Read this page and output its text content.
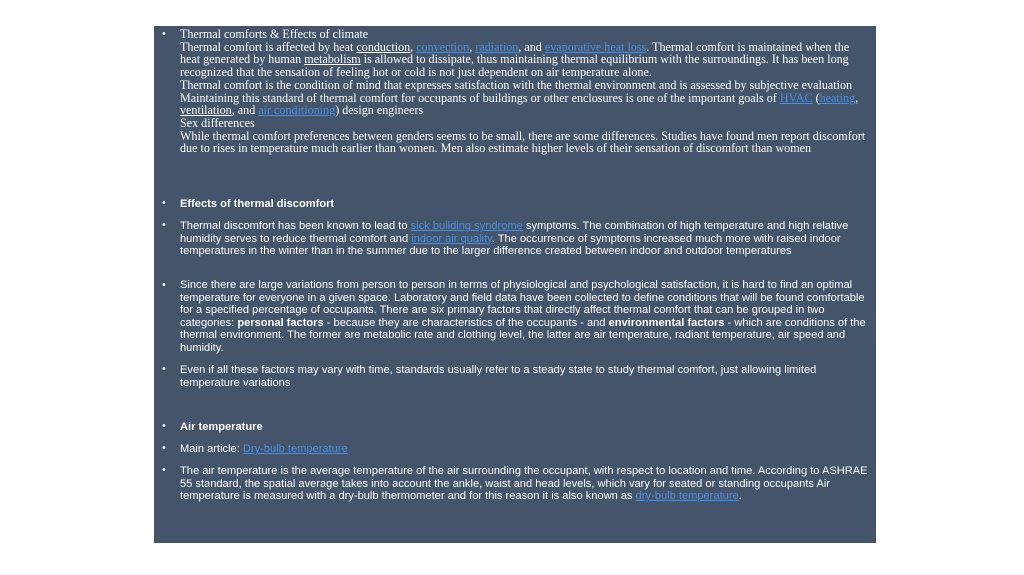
• Thermal comforts & Effects of climate

Thermal comfort is affected by heat conduction, convection, radiation, and evaporative heat loss. Thermal comfort is maintained when the heat generated by human metabolism is allowed to dissipate, thus maintaining thermal equilibrium with the surroundings. It has been long recognized that the sensation of feeling hot or cold is not just dependent on air temperature alone.

Thermal comfort is the condition of mind that expresses satisfaction with the thermal environment and is assessed by subjective evaluation Maintaining this standard of thermal comfort for occupants of buildings or other enclosures is one of the important goals of HVAC (heating, ventilation, and air conditioning) design engineers

Sex differences

While thermal comfort preferences between genders seems to be small, there are some differences. Studies have found men report discomfort due to rises in temperature much earlier than women. Men also estimate higher levels of their sensation of discomfort than women

• Effects of thermal discomfort

• Thermal discomfort has been known to lead to sick building syndrome symptoms. The combination of high temperature and high relative humidity serves to reduce thermal comfort and indoor air quality. The occurrence of symptoms increased much more with raised indoor temperatures in the winter than in the summer due to the larger difference created between indoor and outdoor temperatures

• Since there are large variations from person to person in terms of physiological and psychological satisfaction, it is hard to find an optimal temperature for everyone in a given space. Laboratory and field data have been collected to define conditions that will be found comfortable for a specified percentage of occupants. There are six primary factors that directly affect thermal comfort that can be grouped in two categories: personal factors - because they are characteristics of the occupants - and environmental factors - which are conditions of the thermal environment. The former are metabolic rate and clothing level, the latter are air temperature, radiant temperature, air speed and humidity.

• Even if all these factors may vary with time, standards usually refer to a steady state to study thermal comfort, just allowing limited temperature variations
• Air temperature

• Main article: Dry-bulb temperature

• The air temperature is the average temperature of the air surrounding the occupant, with respect to location and time. According to ASHRAE 55 standard, the spatial average takes into account the ankle, waist and head levels, which vary for seated or standing occupants Air temperature is measured with a dry-bulb thermometer and for this reason it is also known as dry-bulb temperature.
